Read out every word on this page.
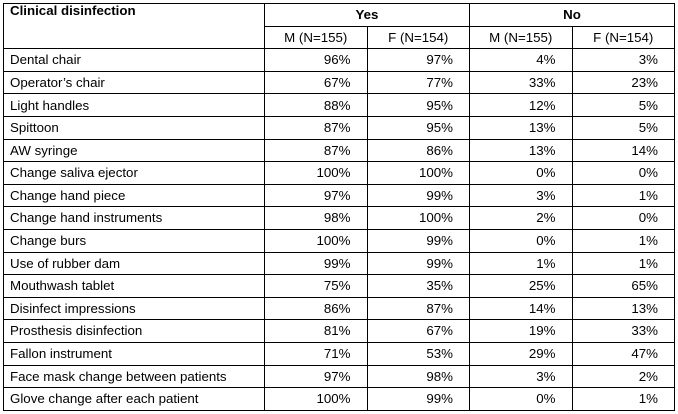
Clinical disinfection	Yes		No	
	M (N=155)	F (N=154)	M (N=155)	F (N=154)
Dental chair	96%	97%	4%	3%
Operator’s chair	67%	77%	33%	23%
Light handles	88%	95%	12%	5%
Spittoon	87%	95%	13%	5%
AW syringe	87%	86%	13%	14%
Change saliva ejector	100%	100%	0%	0%
Change hand piece	97%	99%	3%	1%
Change hand instruments	98%	100%	2%	0%
Change burs	100%	99%	0%	1%
Use of rubber dam	99%	99%	1%	1%
Mouthwash tablet	75%	35%	25%	65%
Disinfect impressions	86%	87%	14%	13%
Prosthesis disinfection	81%	67%	19%	33%
Fallon instrument	71%	53%	29%	47%
Face mask change between patients	97%	98%	3%	2%
Glove change after each patient	100%	99%	0%	1%
